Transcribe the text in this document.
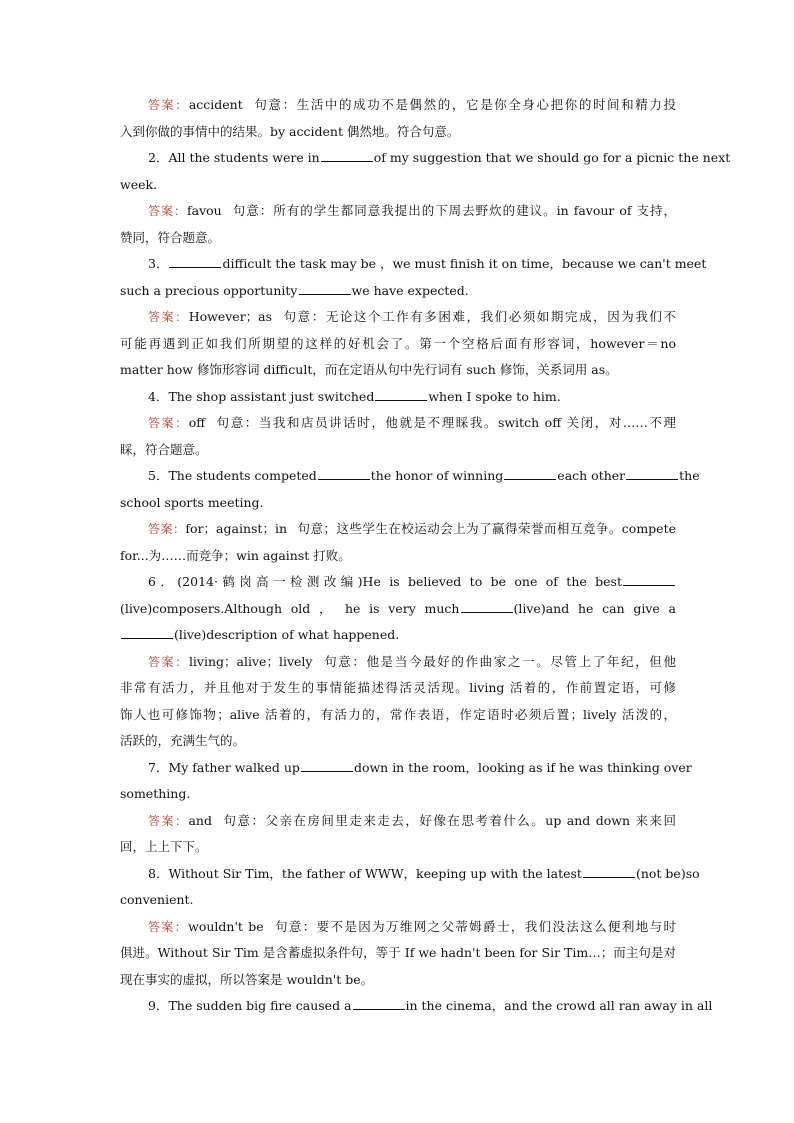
答案：accident 句意：生活中的成功不是偶然的，它是你全身心把你的时间和精力投
入到你做的事情中的结果。by accident 偶然地。符合句意。
2．All the students were in	of my suggestion that we should go for a picnic the next
week.
答案：favou 句意：所有的学生都同意我提出的下周去野炊的建议。in favour of 支持，
赞同，符合题意。
3．	difficult the task may be ，we must finish it on time，because we can't meet
such a precious opportunity	we have expected.
答案：However；as 句意：无论这个工作有多困难，我们必须如期完成，因为我们不
可能再遇到正如我们所期望的这样的好机会了。第一个空格后面有形容词，however＝no
matter how 修饰形容词 difficult，而在定语从句中先行词有 such 修饰，关系词用 as。
4．The shop assistant just switched	when I spoke to him.
答案：off 句意：当我和店员讲话时，他就是不理睬我。switch off 关闭，对……不理
睬，符合题意。
5．The students competed	the honor of winning	each other	the
school sports meeting.
答案：for；against；in 句意；这些学生在校运动会上为了赢得荣誉而相互竞争。compete
for...为……而竞争；win against 打败。
6．(2014·鹤岗高一检测改编)He is believed to be one of the best
(live)composers.Although old ， he is very much	(live)and he can give a
(live)description of what happened.
答案：living；alive；lively 句意：他是当今最好的作曲家之一。尽管上了年纪，但他
非常有活力，并且他对于发生的事情能描述得活灵活现。living 活着的，作前置定语，可修
饰人也可修饰物；alive 活着的，有活力的，常作表语，作定语时必须后置；lively 活泼的，
活跃的，充满生气的。
7．My father walked up	down in the room，looking as if he was thinking over
something.
答案：and 句意：父亲在房间里走来走去，好像在思考着什么。up and down 来来回
回，上上下下。
8．Without Sir Tim，the father of WWW，keeping up with the latest	(not be)so
convenient.
答案：wouldn't be 句意：要不是因为万维网之父蒂姆爵士，我们没法这么便利地与时
俱进。Without Sir Tim 是含蓄虚拟条件句，等于 If we hadn't been for Sir Tim…；而主句是对
现在事实的虚拟，所以答案是 wouldn't be。
9．The sudden big fire caused a	in the cinema，and the crowd all ran away in all
